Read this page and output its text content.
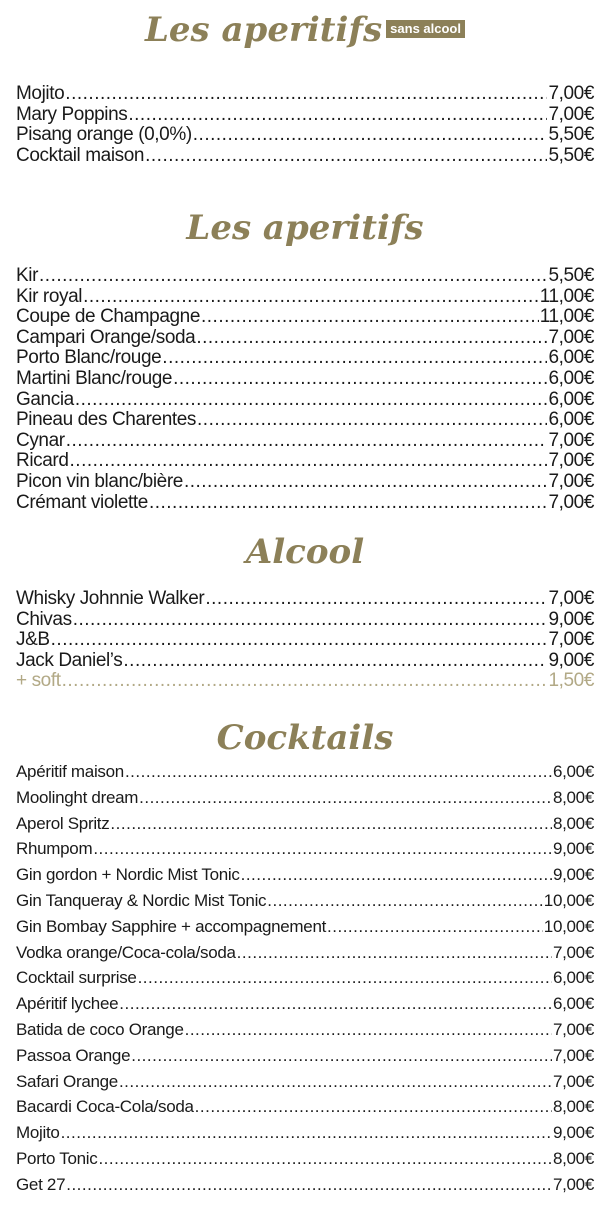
Les aperitifs sans alcool
Mojito .....	7,00€
Mary Poppins .....	7,00€
Pisang orange (0,0%) .....	5,50€
Cocktail maison .....	5,50€
Les aperitifs
Kir .....	5,50€
Kir royal .....	11,00€
Coupe de Champagne .....	11,00€
Campari Orange/soda .....	7,00€
Porto Blanc/rouge .....	6,00€
Martini Blanc/rouge .....	6,00€
Gancia .....	6,00€
Pineau des Charentes .....	6,00€
Cynar .....	7,00€
Ricard .....	7,00€
Picon vin blanc/bière .....	7,00€
Crémant violette .....	7,00€
Alcool
Whisky Johnnie Walker .....	7,00€
Chivas .....	9,00€
J&B .....	7,00€
Jack Daniel’s .....	9,00€
+ soft .....	1,50€
Cocktails
Apéritif maison .....	6,00€
Moolinght dream .....	8,00€
Aperol Spritz .....	8,00€
Rhumpom .....	9,00€
Gin gordon + Nordic Mist Tonic .....	9,00€
Gin Tanqueray & Nordic Mist Tonic .....	10,00€
Gin Bombay Sapphire + accompagnement .....	10,00€
Vodka orange/Coca-cola/soda .....	7,00€
Cocktail surprise .....	6,00€
Apéritif lychee .....	6,00€
Batida de coco Orange .....	7,00€
Passoa Orange .....	7,00€
Safari Orange .....	7,00€
Bacardi Coca-Cola/soda .....	8,00€
Mojito .....	9,00€
Porto Tonic .....	8,00€
Get 27 .....	7,00€
